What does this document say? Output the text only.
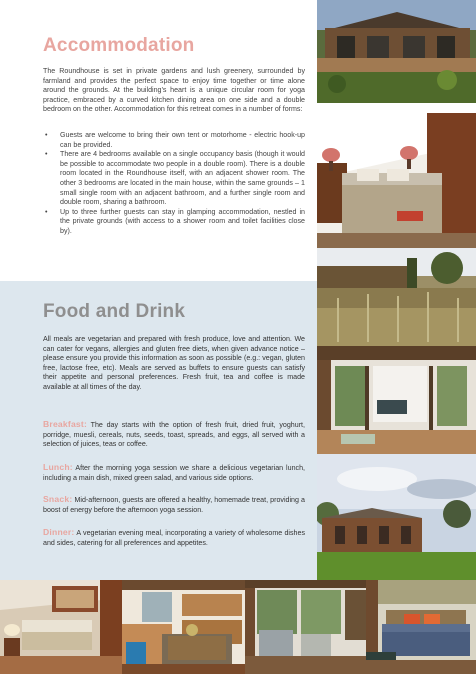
Accommodation
The Roundhouse is set in private gardens and lush greenery, surrounded by farmland and provides the perfect space to enjoy time together or time alone around the grounds. At the building’s heart is a unique circular room for yoga practice, embraced by a curved kitchen dining area on one side and a double bedroom on the other. Accommodation for this retreat comes in a number of forms:
• Guests are welcome to bring their own tent or motorhome - electric hook-up can be provided.
• There are 4 bedrooms available on a single occupancy basis (though it would be possible to accommodate two people in a double room). There is a double room located in the Roundhouse itself, with an adjacent shower room. The other 3 bedrooms are located in the main house, within the same grounds – 1 small single room with an adjacent bathroom, and a further single room and double room, sharing a bathroom.
• Up to three further guests can stay in glamping accommodation, nestled in the private grounds (with access to a shower room and toilet facilities close by).
Food and Drink
All meals are vegetarian and prepared with fresh produce, love and attention. We can cater for vegans, allergies and gluten free diets, when given advance notice – please ensure you provide this information as soon as possible (e.g.: vegan, gluten free, lactose free, etc). Meals are served as buffets to ensure guests can satisfy their appetite and personal preferences. Fresh fruit, tea and coffee is made available at all times of the day.
Breakfast: The day starts with the option of fresh fruit, dried fruit, yoghurt, porridge, muesli, cereals, nuts, seeds, toast, spreads, and eggs, all served with a selection of juices, teas or coffee.
Lunch: After the morning yoga session we share a delicious vegetarian lunch, including a main dish, mixed green salad, and various side options.
Snack: Mid-afternoon, guests are offered a healthy, homemade treat, providing a boost of energy before the afternoon yoga session.
Dinner: A vegetarian evening meal, incorporating a variety of wholesome dishes and sides, catering for all preferences and appetites.
